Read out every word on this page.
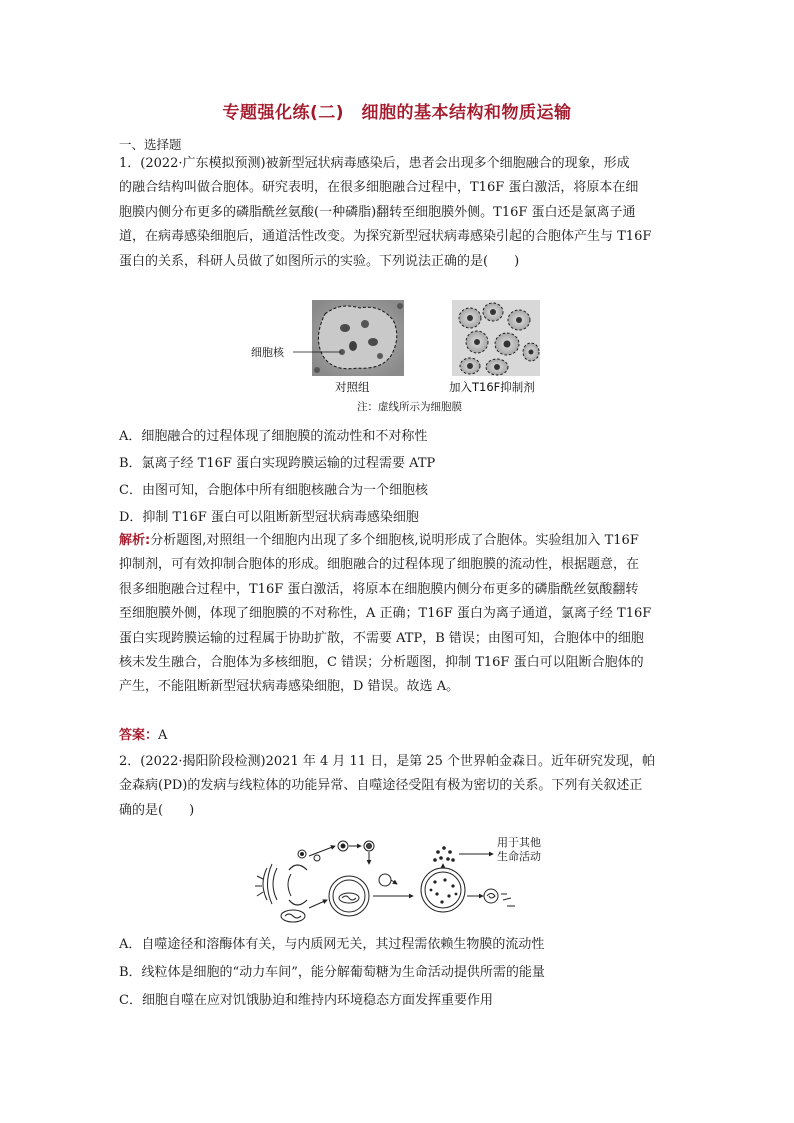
专题强化练(二)　细胞的基本结构和物质运输
一、选择题
1．(2022·广东模拟预测)被新型冠状病毒感染后，患者会出现多个细胞融合的现象，形成
的融合结构叫做合胞体。研究表明，在很多细胞融合过程中，T16F 蛋白激活，将原本在细
胞膜内侧分布更多的磷脂酰丝氨酸(一种磷脂)翻转至细胞膜外侧。T16F 蛋白还是氯离子通
道，在病毒感染细胞后，通道活性改变。为探究新型冠状病毒感染引起的合胞体产生与 T16F
蛋白的关系，科研人员做了如图所示的实验。下列说法正确的是(　　)
细胞核
对照组	加入T16F抑制剂
注：虚线所示为细胞膜
A．细胞融合的过程体现了细胞膜的流动性和不对称性
B．氯离子经 T16F 蛋白实现跨膜运输的过程需要 ATP
C．由图可知，合胞体中所有细胞核融合为一个细胞核
D．抑制 T16F 蛋白可以阻断新型冠状病毒感染细胞
解析:分析题图,对照组一个细胞内出现了多个细胞核,说明形成了合胞体。实验组加入 T16F
抑制剂，可有效抑制合胞体的形成。细胞融合的过程体现了细胞膜的流动性，根据题意，在
很多细胞融合过程中，T16F 蛋白激活，将原本在细胞膜内侧分布更多的磷脂酰丝氨酸翻转
至细胞膜外侧，体现了细胞膜的不对称性，A 正确；T16F 蛋白为离子通道，氯离子经 T16F
蛋白实现跨膜运输的过程属于协助扩散，不需要 ATP，B 错误；由图可知，合胞体中的细胞
核未发生融合，合胞体为多核细胞，C 错误；分析题图，抑制 T16F 蛋白可以阻断合胞体的
产生，不能阻断新型冠状病毒感染细胞，D 错误。故选 A。
答案：A
2．(2022·揭阳阶段检测)2021 年 4 月 11 日，是第 25 个世界帕金森日。近年研究发现，帕
金森病(PD)的发病与线粒体的功能异常、自噬途径受阻有极为密切的关系。下列有关叙述正
确的是(　　)
用于其他
生命活动
A．自噬途径和溶酶体有关，与内质网无关，其过程需依赖生物膜的流动性
B．线粒体是细胞的“动力车间”，能分解葡萄糖为生命活动提供所需的能量
C．细胞自噬在应对饥饿胁迫和维持内环境稳态方面发挥重要作用
